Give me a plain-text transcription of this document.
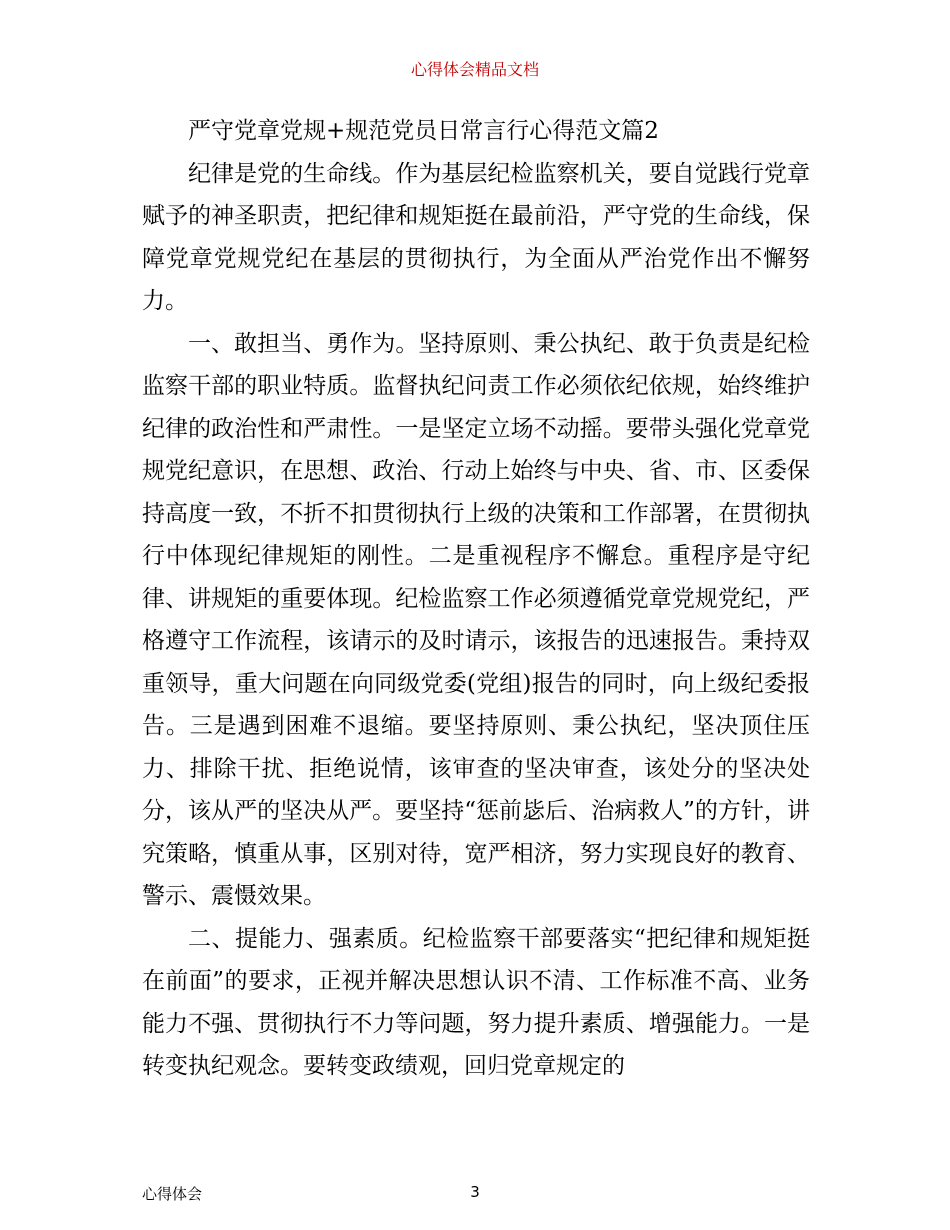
心得体会精品文档

严守党章党规+规范党员日常言行心得范文篇2

纪律是党的生命线。作为基层纪检监察机关，要自觉践行党章赋予的神圣职责，把纪律和规矩挺在最前沿，严守党的生命线，保障党章党规党纪在基层的贯彻执行，为全面从严治党作出不懈努力。

一、敢担当、勇作为。坚持原则、秉公执纪、敢于负责是纪检监察干部的职业特质。监督执纪问责工作必须依纪依规，始终维护纪律的政治性和严肃性。一是坚定立场不动摇。要带头强化党章党规党纪意识，在思想、政治、行动上始终与中央、省、市、区委保持高度一致，不折不扣贯彻执行上级的决策和工作部署，在贯彻执行中体现纪律规矩的刚性。二是重视程序不懈怠。重程序是守纪律、讲规矩的重要体现。纪检监察工作必须遵循党章党规党纪，严格遵守工作流程，该请示的及时请示，该报告的迅速报告。秉持双重领导，重大问题在向同级党委(党组)报告的同时，向上级纪委报告。三是遇到困难不退缩。要坚持原则、秉公执纪，坚决顶住压力、排除干扰、拒绝说情，该审查的坚决审查，该处分的坚决处分，该从严的坚决从严。要坚持“惩前毖后、治病救人”的方针，讲究策略，慎重从事，区别对待，宽严相济，努力实现良好的教育、警示、震慑效果。

二、提能力、强素质。纪检监察干部要落实“把纪律和规矩挺在前面”的要求，正视并解决思想认识不清、工作标准不高、业务能力不强、贯彻执行不力等问题，努力提升素质、增强能力。一是转变执纪观念。要转变政绩观，回归党章规定的

心得体会	3
